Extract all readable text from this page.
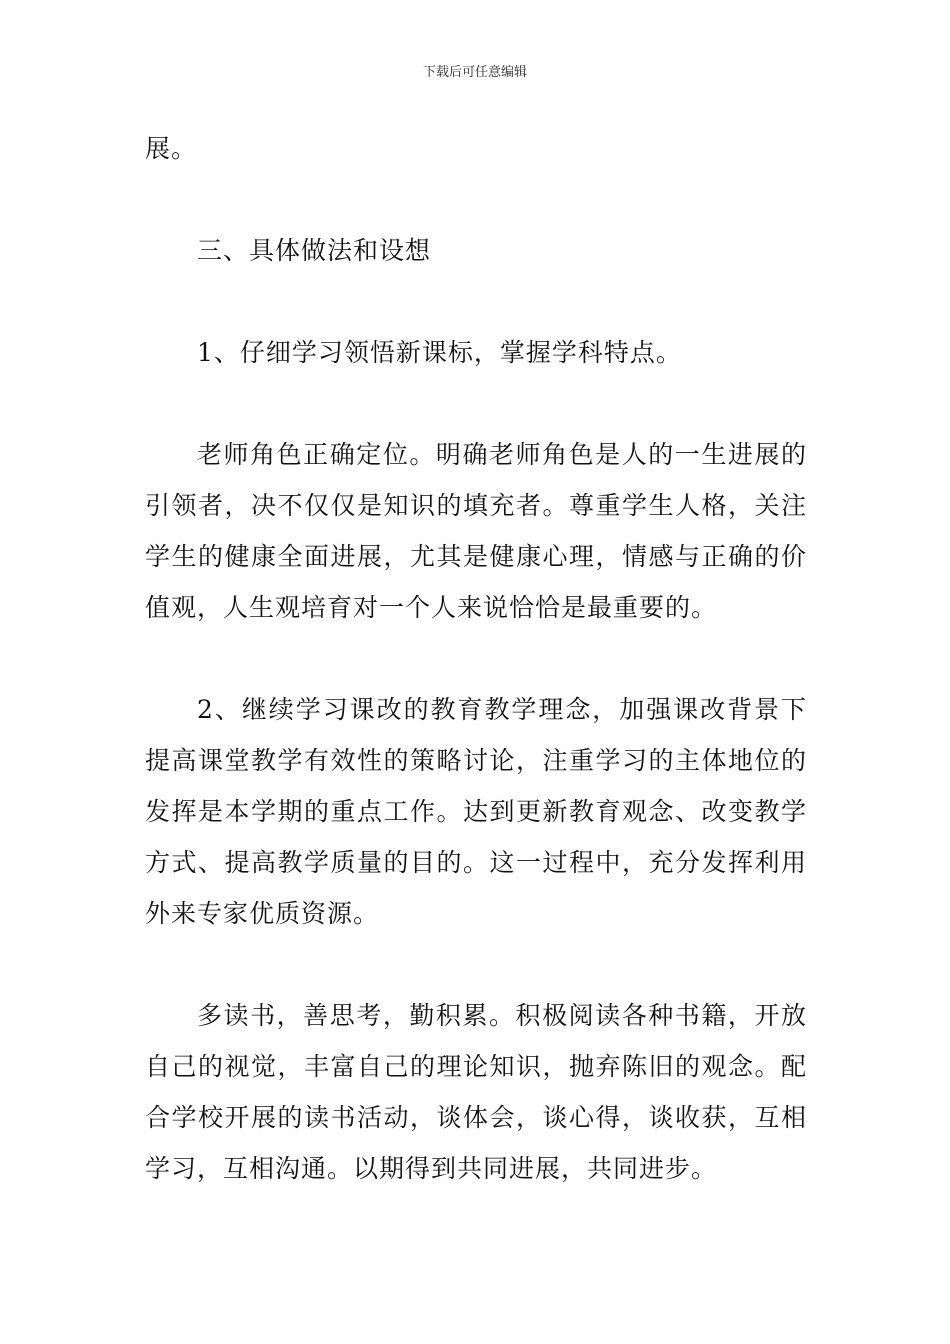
下载后可任意编辑

展。

三、具体做法和设想

1、仔细学习领悟新课标，掌握学科特点。

老师角色正确定位。明确老师角色是人的一生进展的引领者，决不仅仅是知识的填充者。尊重学生人格，关注学生的健康全面进展，尤其是健康心理，情感与正确的价值观，人生观培育对一个人来说恰恰是最重要的。

2、继续学习课改的教育教学理念，加强课改背景下提高课堂教学有效性的策略讨论，注重学习的主体地位的发挥是本学期的重点工作。达到更新教育观念、改变教学方式、提高教学质量的目的。这一过程中，充分发挥利用外来专家优质资源。

多读书，善思考，勤积累。积极阅读各种书籍，开放自己的视觉，丰富自己的理论知识，抛弃陈旧的观念。配合学校开展的读书活动，谈体会，谈心得，谈收获，互相学习，互相沟通。以期得到共同进展，共同进步。
